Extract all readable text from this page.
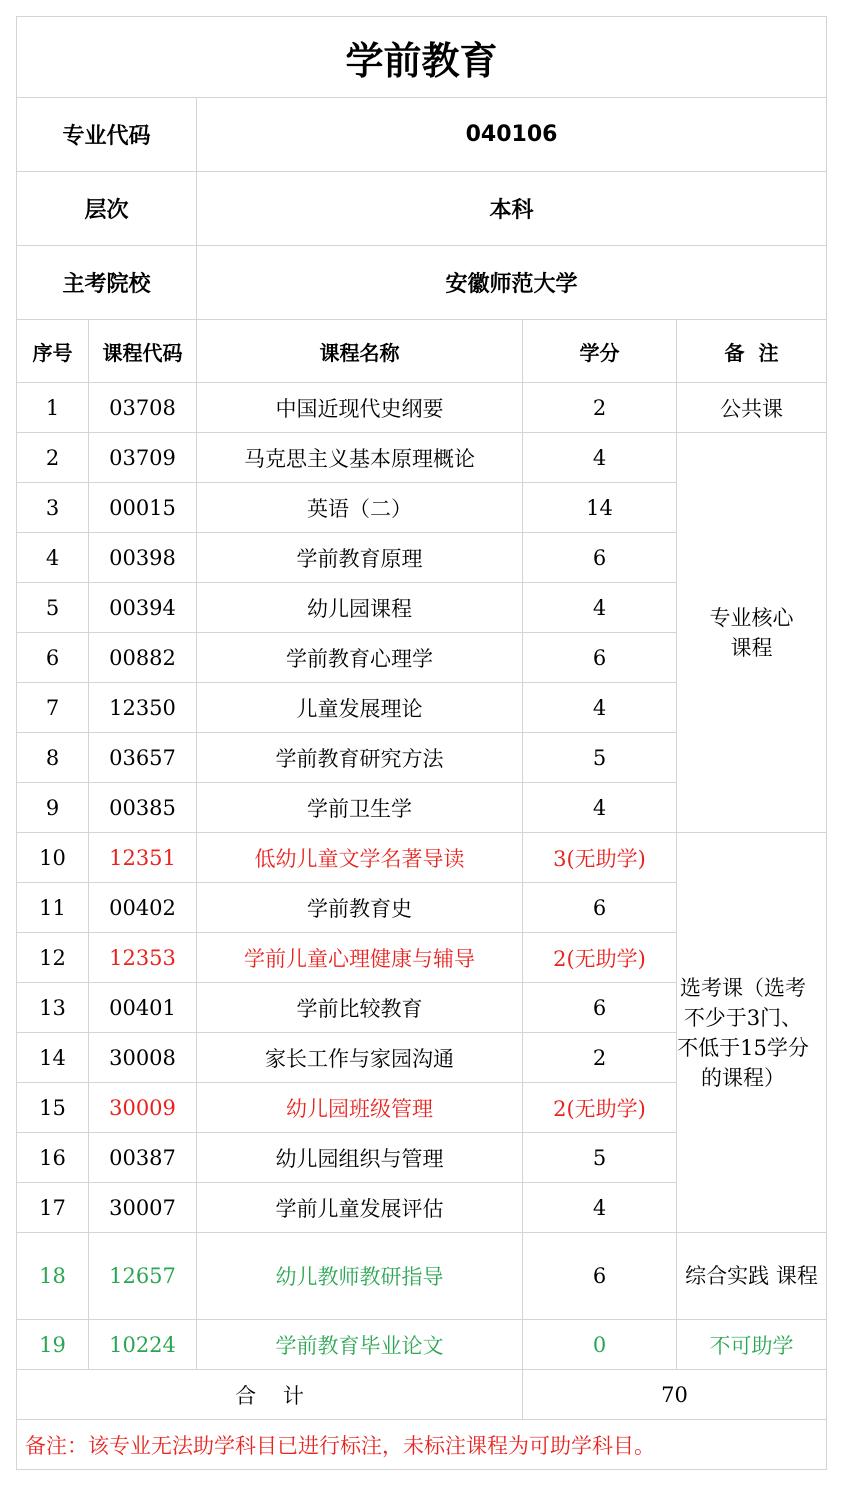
学前教育				
专业代码		040106		
层次		本科		
主考院校		安徽师范大学		
序号	课程代码	课程名称	学分	备  注
1	03708	中国近现代史纲要	2	公共课
2	03709	马克思主义基本原理概论	4	专业核心课程

3	00015	英语（二）	14	
4	00398	学前教育原理	6	
5	00394	幼儿园课程	4	
6	00882	学前教育心理学	6	
7	12350	儿童发展理论	4	
8	03657	学前教育研究方法	5	
9	00385	学前卫生学	4	
10	12351	低幼儿童文学名著导读	3(无助学)	选考课（选考不少于3门、不低于15学分的课程）

11	00402	学前教育史	6	
12	12353	学前儿童心理健康与辅导	2(无助学)	
13	00401	学前比较教育	6	
14	30008	家长工作与家园沟通	2	
15	30009	幼儿园班级管理	2(无助学)	
16	00387	幼儿园组织与管理	5	
17	30007	学前儿童发展评估	4	
18	12657	幼儿教师教研指导	6	综合实践 课程
19	10224	学前教育毕业论文	0	不可助学
合    计			70	
备注：该专业无法助学科目已进行标注，未标注课程为可助学科目。				
